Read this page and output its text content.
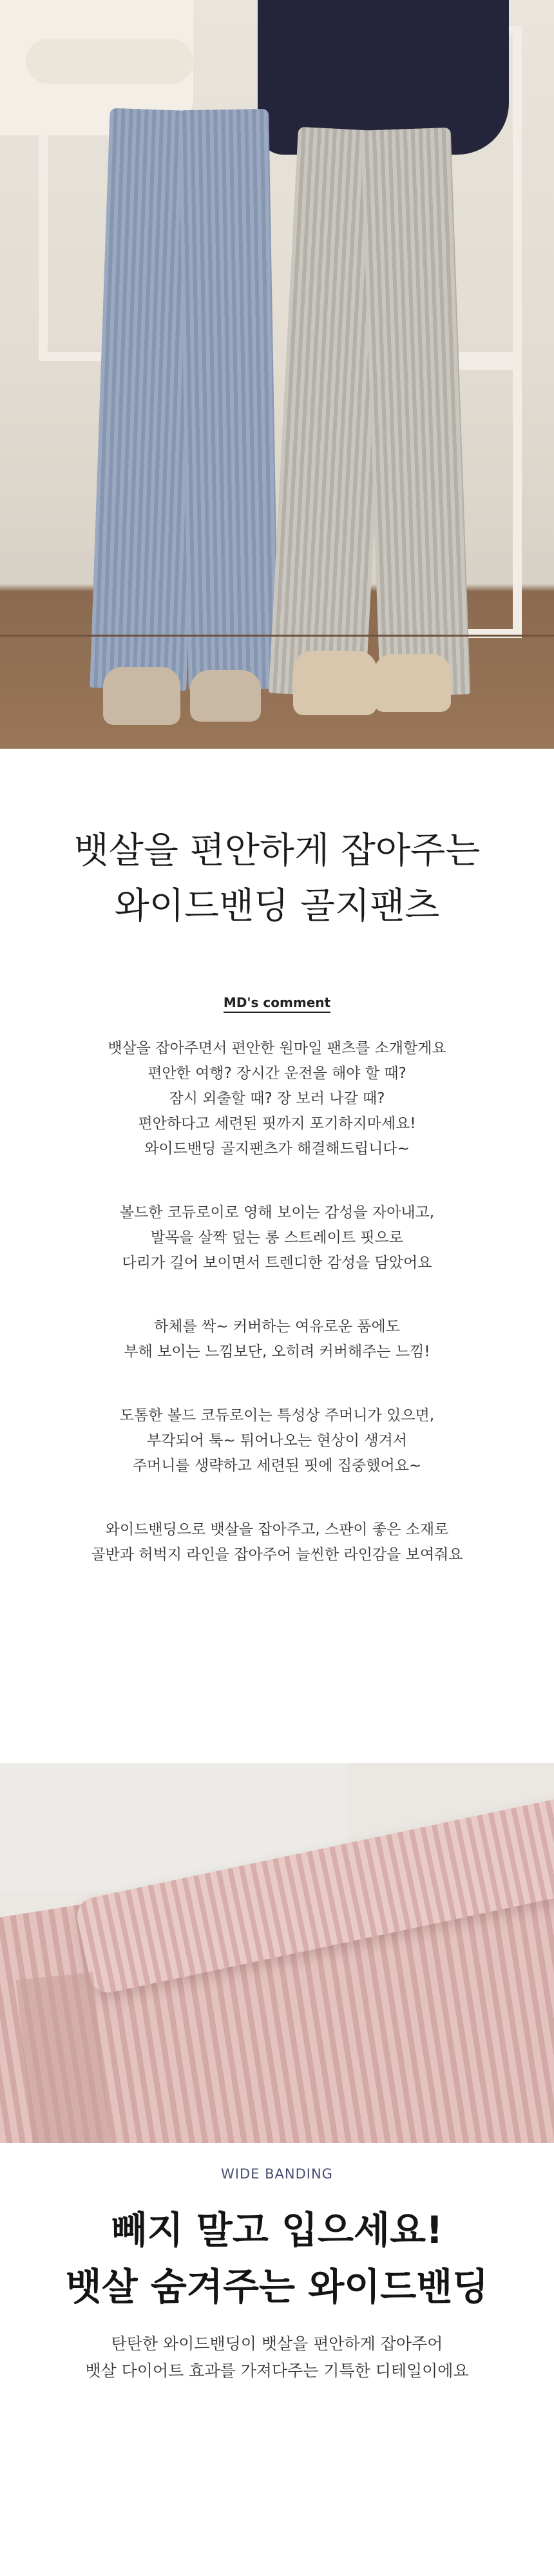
뱃살을 편안하게 잡아주는
와이드밴딩 골지팬츠
MD's comment
뱃살을 잡아주면서 편안한 원마일 팬츠를 소개할게요
편안한 여행? 장시간 운전을 해야 할 때?
잠시 외출할 때? 장 보러 나갈 때?
편안하다고 세련된 핏까지 포기하지마세요!
와이드밴딩 골지팬츠가 해결해드립니다~
볼드한 코듀로이로 영해 보이는 감성을 자아내고,
발목을 살짝 덮는 롱 스트레이트 핏으로
다리가 길어 보이면서 트렌디한 감성을 담았어요
하체를 싹~ 커버하는 여유로운 품에도
부해 보이는 느낌보단, 오히려 커버해주는 느낌!
도톰한 볼드 코듀로이는 특성상 주머니가 있으면,
부각되어 툭~ 튀어나오는 현상이 생겨서
주머니를 생략하고 세련된 핏에 집중했어요~
와이드밴딩으로 뱃살을 잡아주고, 스판이 좋은 소재로
골반과 허벅지 라인을 잡아주어 늘씬한 라인감을 보여줘요
WIDE BANDING
빼지 말고 입으세요!
뱃살 숨겨주는 와이드밴딩
탄탄한 와이드밴딩이 뱃살을 편안하게 잡아주어
뱃살 다이어트 효과를 가져다주는 기특한 디테일이에요
